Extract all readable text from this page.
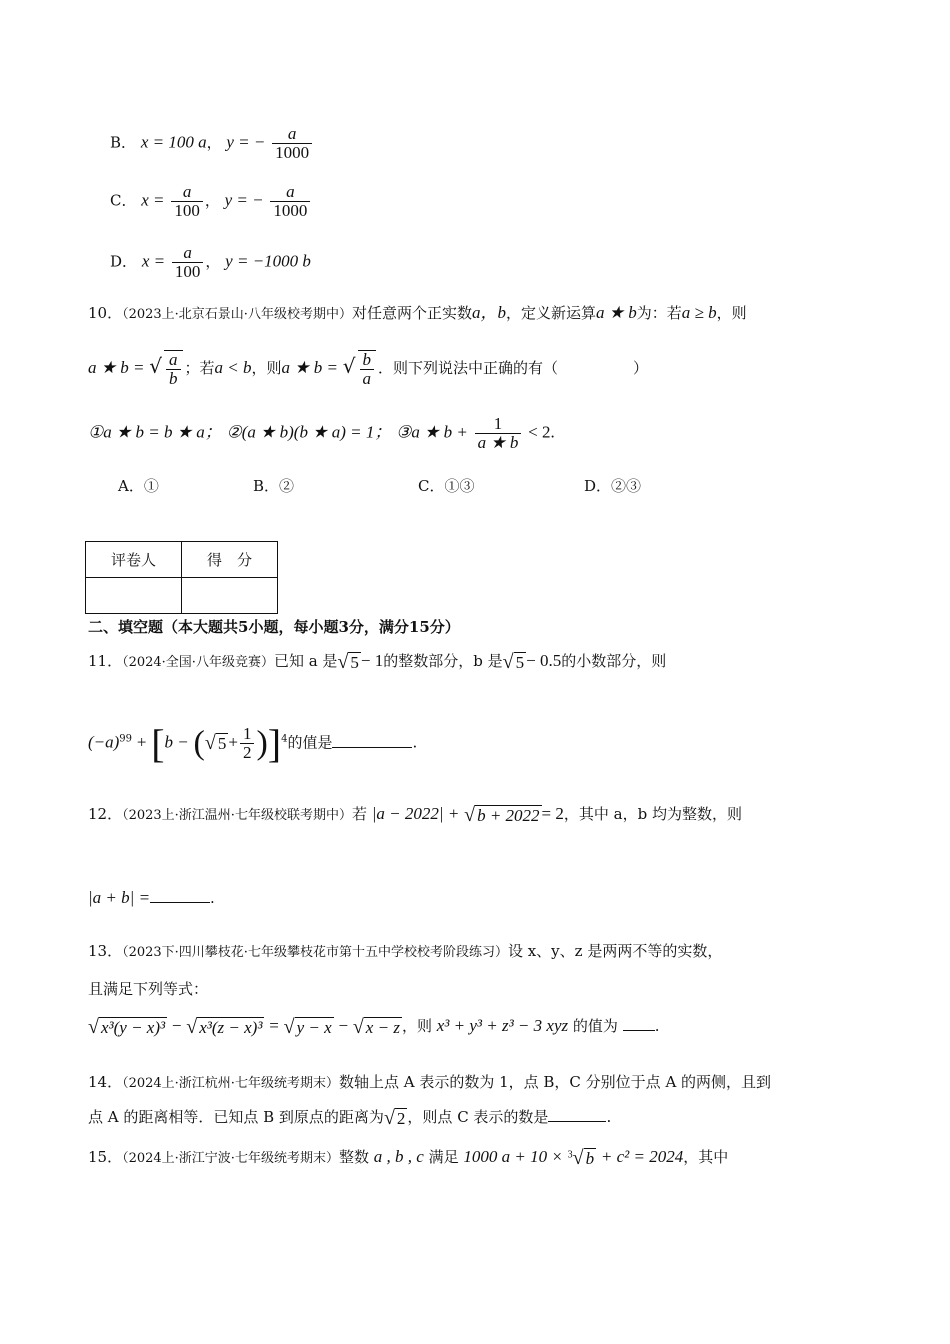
B． x = 100 a， y = − $\frac{a}{1000}$
C． $x = \frac{a}{100}$ ， y = − $\frac{a}{1000}$
D． $x = \frac{a}{100}$ ， y = −1000 b
10．（2023上·北京石景山·八年级校考期中）对任意两个正实数a，b，定义新运算a ★ b为：若a ≥ b，则
a ★ b = √ $\frac{a}{b}$ ；若a < b，则a ★ b = √ $\frac{b}{a}$ ．则下列说法中正确的有（　　　　　）
①a ★ b = b ★ a； ②(a ★ b)(b ★ a) = 1； ③a ★ $b + \frac{1}{a ★ b} < 2$.
A．①	B．②	C．①③	D．②③
评卷人	得　分

二、填空题（本大题共5小题，每小题3分，满分15分）
11．（2024·全国·八年级竞赛）已知 a 是√ 5 − 1的整数部分，b 是√ 5 − 0.5的小数部分，则
$(-a)^{99} + [b$ − (√ $5 + \frac{1}{2} )]^4$的值是	.
12．（2023上·浙江温州·七年级校联考期中）若 |a − 2022| + √ b + 2022 = 2，其中 a，b 均为整数，则
|a + b| =	.
13．（2023下·四川攀枝花·七年级攀枝花市第十五中学校校考阶段练习）设 x、y、z 是两两不等的实数，
且满足下列等式：
√ x³(y − x)³ − √ x³(z − x)³ = √ y − x − √ x − z ，则 x³ + y³ + z³ − 3 xyz 的值为 .
14．（2024上·浙江杭州·七年级统考期末）数轴上点 A 表示的数为 1，点 B，C 分别位于点 A 的两侧，且到
点 A 的距离相等．已知点 B 到原点的距离为√ 2 ，则点 C 表示的数是	.
15．（2024上·浙江宁波·七年级统考期末）整数 a , b , c 满足 1000 a + 10 × $^3$√ b + c² = 2024，其中
